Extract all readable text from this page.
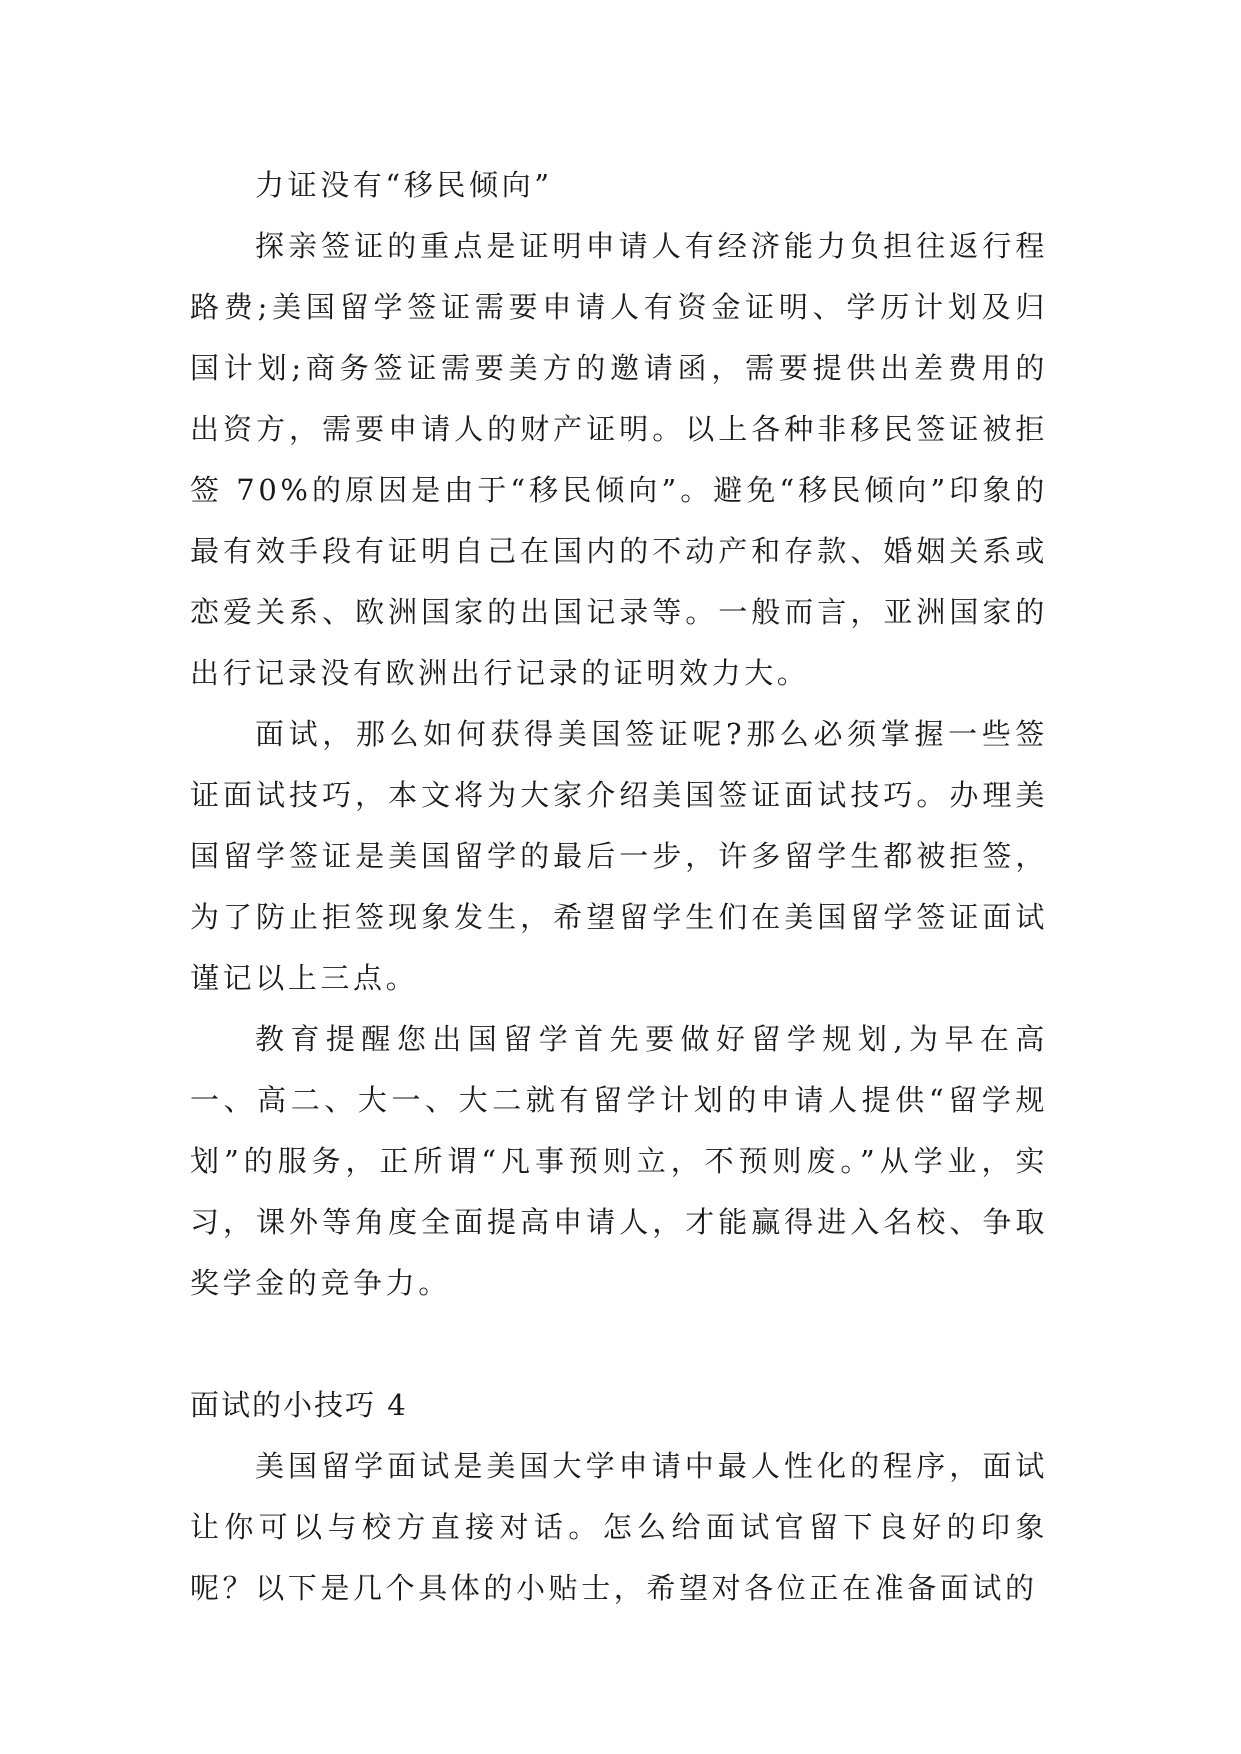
力证没有“移民倾向”

探亲签证的重点是证明申请人有经济能力负担往返行程路费;美国留学签证需要申请人有资金证明、学历计划及归国计划;商务签证需要美方的邀请函，需要提供出差费用的出资方，需要申请人的财产证明。以上各种非移民签证被拒签 70%的原因是由于“移民倾向”。避免“移民倾向”印象的最有效手段有证明自己在国内的不动产和存款、婚姻关系或恋爱关系、欧洲国家的出国记录等。一般而言，亚洲国家的出行记录没有欧洲出行记录的证明效力大。

面试，那么如何获得美国签证呢?那么必须掌握一些签证面试技巧，本文将为大家介绍美国签证面试技巧。办理美国留学签证是美国留学的最后一步，许多留学生都被拒签，为了防止拒签现象发生，希望留学生们在美国留学签证面试谨记以上三点。

教育提醒您出国留学首先要做好留学规划,为早在高一、高二、大一、大二就有留学计划的申请人提供“留学规划”的服务，正所谓“凡事预则立，不预则废。”从学业，实习，课外等角度全面提高申请人，才能赢得进入名校、争取奖学金的竞争力。

面试的小技巧 4

美国留学面试是美国大学申请中最人性化的程序，面试让你可以与校方直接对话。怎么给面试官留下良好的印象呢？以下是几个具体的小贴士，希望对各位正在准备面试的
